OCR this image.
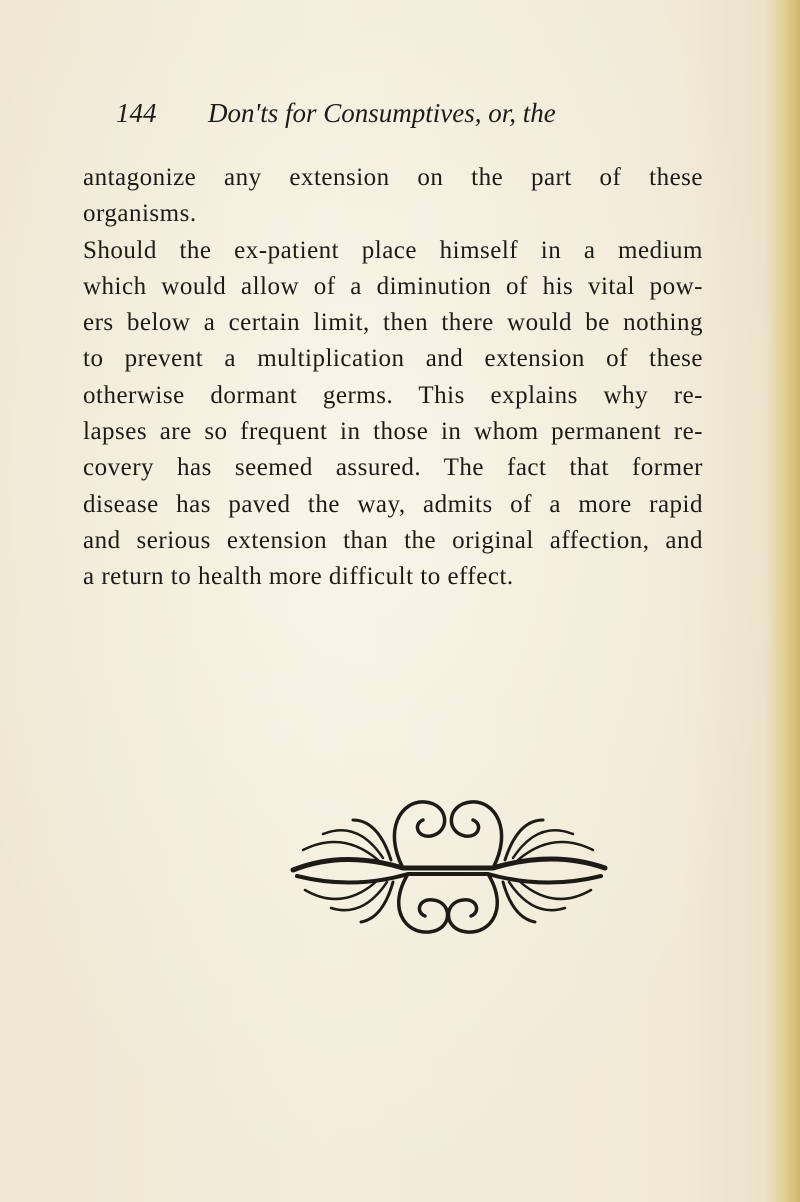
144 Don'ts for Consumptives, or, the
antagonize any extension on the part of these
organisms.
Should the ex-patient place himself in a medium
which would allow of a diminution of his vital pow-
ers below a certain limit, then there would be nothing
to prevent a multiplication and extension of these
otherwise dormant germs. This explains why re-
lapses are so frequent in those in whom permanent re-
covery has seemed assured. The fact that former
disease has paved the way, admits of a more rapid
and serious extension than the original affection, and
a return to health more difficult to effect.
